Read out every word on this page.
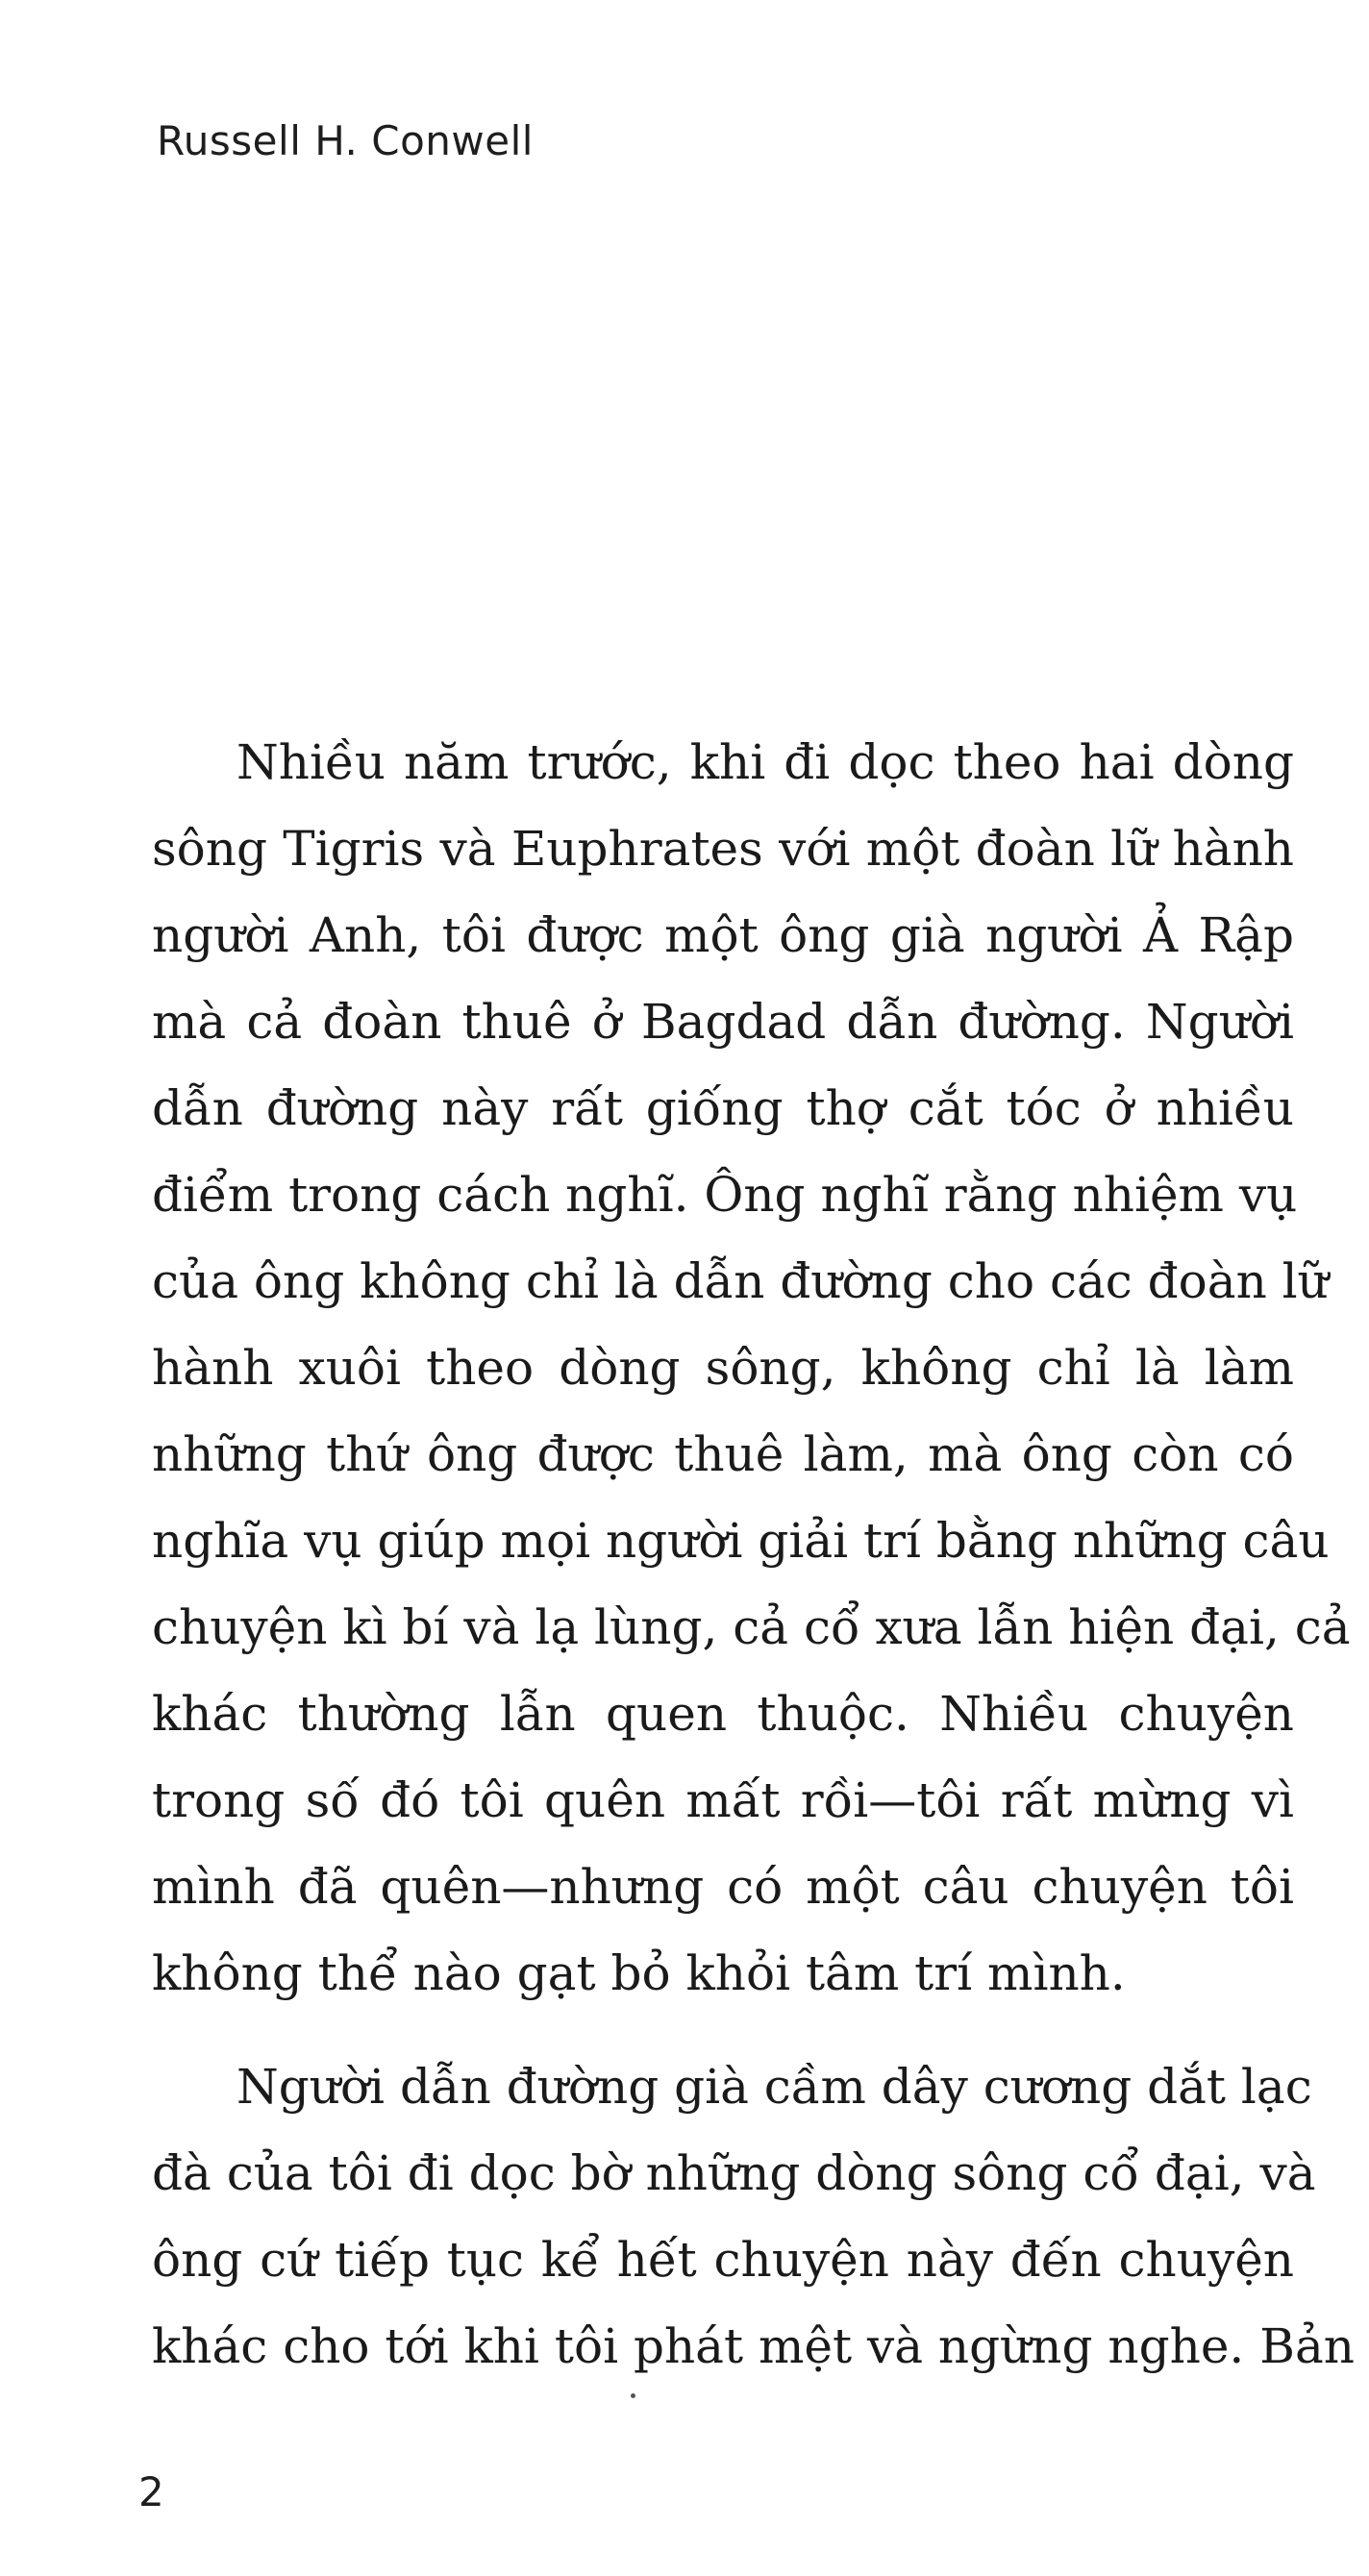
Russell H. Conwell

Nhiều năm trước, khi đi dọc theo hai dòng
sông Tigris và Euphrates với một đoàn lữ hành
người Anh, tôi được một ông già người Ả Rập
mà cả đoàn thuê ở Bagdad dẫn đường. Người
dẫn đường này rất giống thợ cắt tóc ở nhiều
điểm trong cách nghĩ. Ông nghĩ rằng nhiệm vụ
của ông không chỉ là dẫn đường cho các đoàn lữ
hành xuôi theo dòng sông, không chỉ là làm
những thứ ông được thuê làm, mà ông còn có
nghĩa vụ giúp mọi người giải trí bằng những câu
chuyện kì bí và lạ lùng, cả cổ xưa lẫn hiện đại, cả
khác thường lẫn quen thuộc. Nhiều chuyện
trong số đó tôi quên mất rồi—tôi rất mừng vì
mình đã quên—nhưng có một câu chuyện tôi
không thể nào gạt bỏ khỏi tâm trí mình.

Người dẫn đường già cầm dây cương dắt lạc
đà của tôi đi dọc bờ những dòng sông cổ đại, và
ông cứ tiếp tục kể hết chuyện này đến chuyện
khác cho tới khi tôi phát mệt và ngừng nghe. Bản

2
